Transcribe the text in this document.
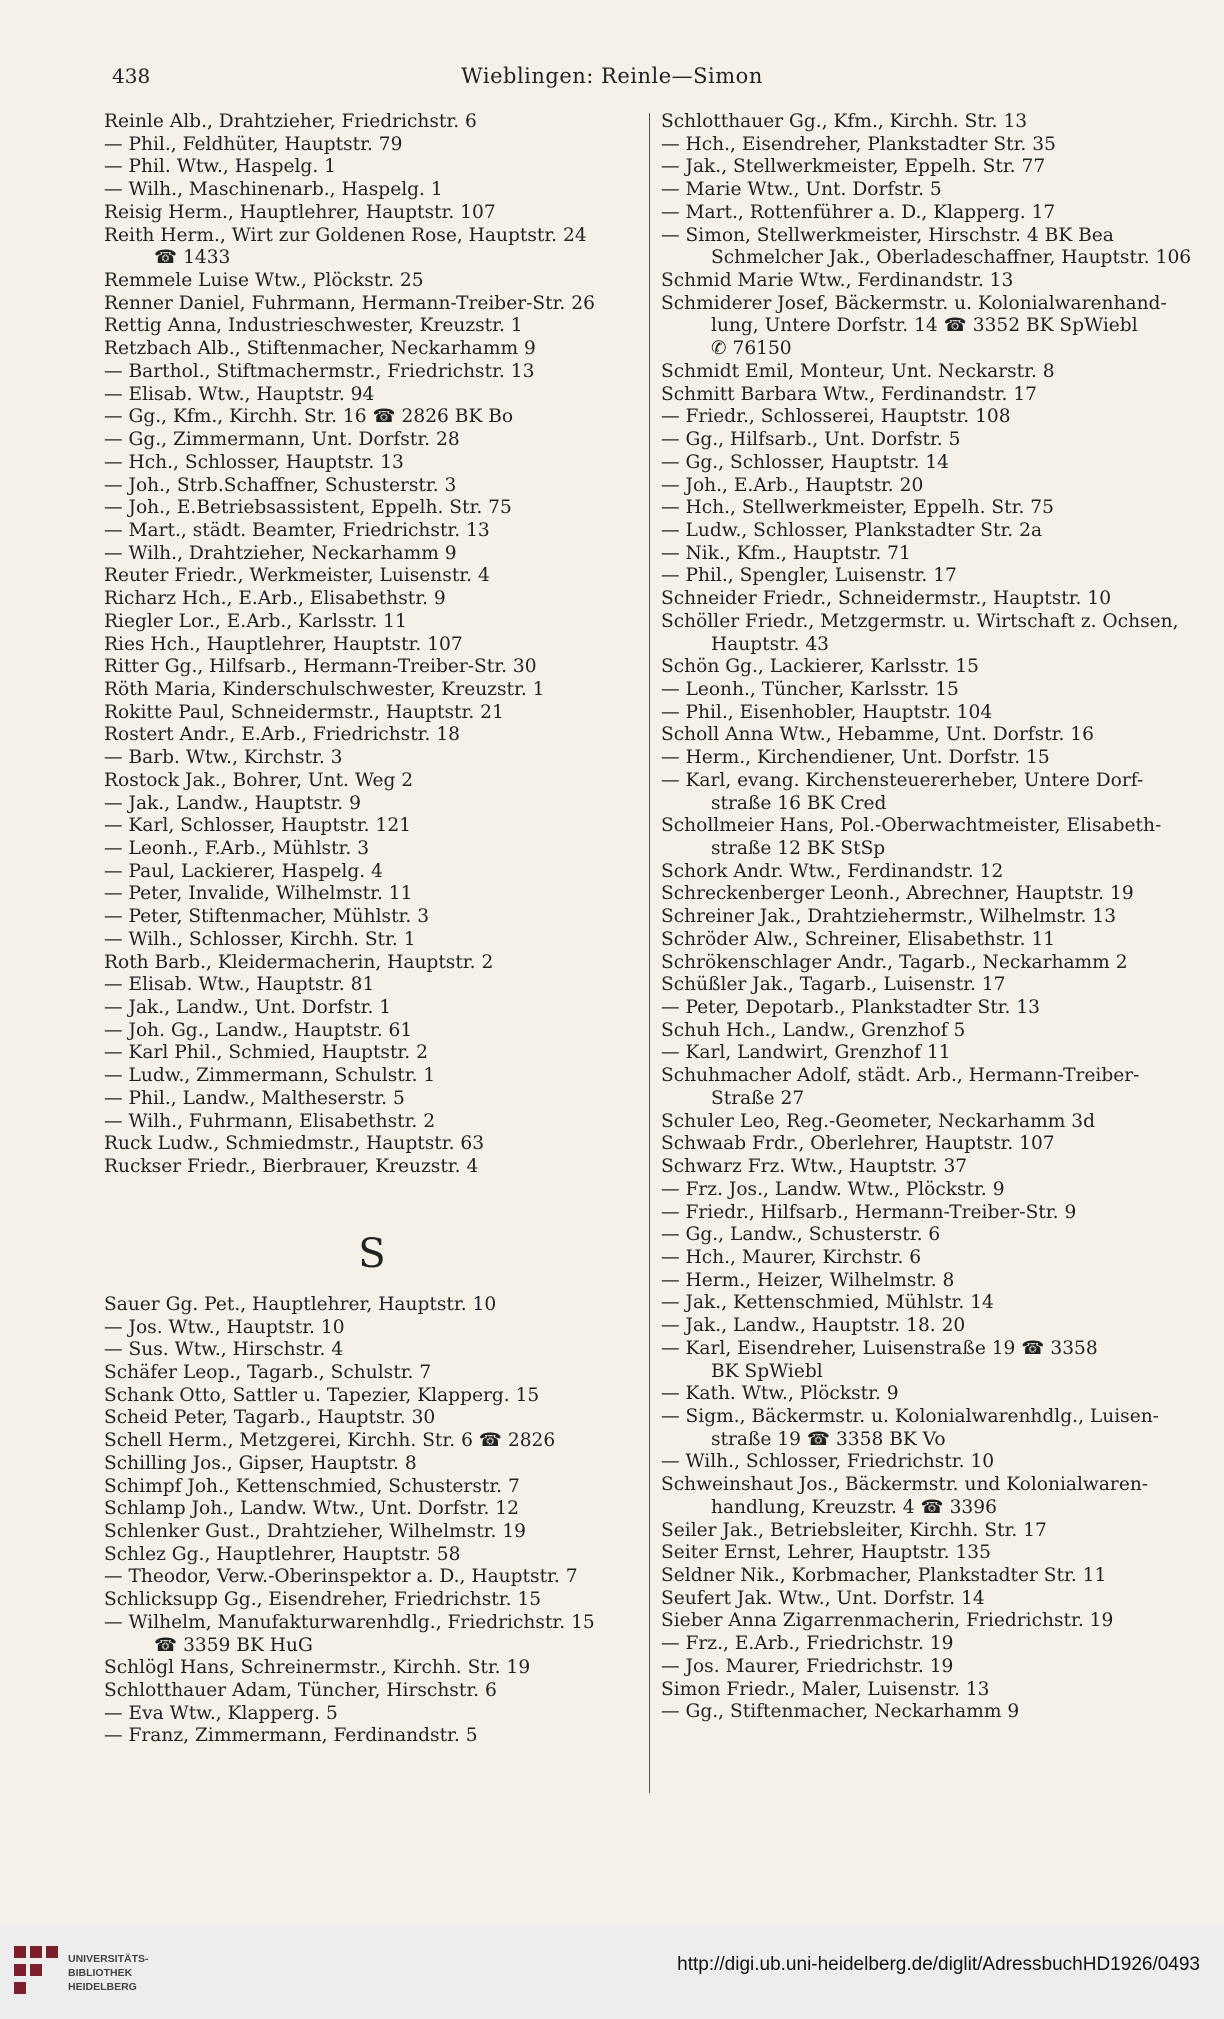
438	Wieblingen: Reinle—Simon
Reinle Alb., Drahtzieher, Friedrichstr. 6
— Phil., Feldhüter, Hauptstr. 79
— Phil. Wtw., Haspelg. 1
— Wilh., Maschinenarb., Haspelg. 1
Reisig Herm., Hauptlehrer, Hauptstr. 107
Reith Herm., Wirt zur Goldenen Rose, Hauptstr. 24
☎ 1433
Remmele Luise Wtw., Plöckstr. 25
Renner Daniel, Fuhrmann, Hermann-Treiber-Str. 26
Rettig Anna, Industrieschwester, Kreuzstr. 1
Retzbach Alb., Stiftenmacher, Neckarhamm 9
— Barthol., Stiftmachermstr., Friedrichstr. 13
— Elisab. Wtw., Hauptstr. 94
— Gg., Kfm., Kirchh. Str. 16 ☎ 2826 BK Bo
— Gg., Zimmermann, Unt. Dorfstr. 28
— Hch., Schlosser, Hauptstr. 13
— Joh., Strb.Schaffner, Schusterstr. 3
— Joh., E.Betriebsassistent, Eppelh. Str. 75
— Mart., städt. Beamter, Friedrichstr. 13
— Wilh., Drahtzieher, Neckarhamm 9
Reuter Friedr., Werkmeister, Luisenstr. 4
Richarz Hch., E.Arb., Elisabethstr. 9
Riegler Lor., E.Arb., Karlsstr. 11
Ries Hch., Hauptlehrer, Hauptstr. 107
Ritter Gg., Hilfsarb., Hermann-Treiber-Str. 30
Röth Maria, Kinderschulschwester, Kreuzstr. 1
Rokitte Paul, Schneidermstr., Hauptstr. 21
Rostert Andr., E.Arb., Friedrichstr. 18
— Barb. Wtw., Kirchstr. 3
Rostock Jak., Bohrer, Unt. Weg 2
— Jak., Landw., Hauptstr. 9
— Karl, Schlosser, Hauptstr. 121
— Leonh., F.Arb., Mühlstr. 3
— Paul, Lackierer, Haspelg. 4
— Peter, Invalide, Wilhelmstr. 11
— Peter, Stiftenmacher, Mühlstr. 3
— Wilh., Schlosser, Kirchh. Str. 1
Roth Barb., Kleidermacherin, Hauptstr. 2
— Elisab. Wtw., Hauptstr. 81
— Jak., Landw., Unt. Dorfstr. 1
— Joh. Gg., Landw., Hauptstr. 61
— Karl Phil., Schmied, Hauptstr. 2
— Ludw., Zimmermann, Schulstr. 1
— Phil., Landw., Maltheserstr. 5
— Wilh., Fuhrmann, Elisabethstr. 2
Ruck Ludw., Schmiedmstr., Hauptstr. 63
Ruckser Friedr., Bierbrauer, Kreuzstr. 4
S
Sauer Gg. Pet., Hauptlehrer, Hauptstr. 10
— Jos. Wtw., Hauptstr. 10
— Sus. Wtw., Hirschstr. 4
Schäfer Leop., Tagarb., Schulstr. 7
Schank Otto, Sattler u. Tapezier, Klapperg. 15
Scheid Peter, Tagarb., Hauptstr. 30
Schell Herm., Metzgerei, Kirchh. Str. 6 ☎ 2826
Schilling Jos., Gipser, Hauptstr. 8
Schimpf Joh., Kettenschmied, Schusterstr. 7
Schlamp Joh., Landw. Wtw., Unt. Dorfstr. 12
Schlenker Gust., Drahtzieher, Wilhelmstr. 19
Schlez Gg., Hauptlehrer, Hauptstr. 58
— Theodor, Verw.-Oberinspektor a. D., Hauptstr. 7
Schlicksupp Gg., Eisendreher, Friedrichstr. 15
— Wilhelm, Manufakturwarenhdlg., Friedrichstr. 15
☎ 3359 BK HuG
Schlögl Hans, Schreinermstr., Kirchh. Str. 19
Schlotthauer Adam, Tüncher, Hirschstr. 6
— Eva Wtw., Klapperg. 5
— Franz, Zimmermann, Ferdinandstr. 5
Schlotthauer Gg., Kfm., Kirchh. Str. 13
— Hch., Eisendreher, Plankstadter Str. 35
— Jak., Stellwerkmeister, Eppelh. Str. 77
— Marie Wtw., Unt. Dorfstr. 5
— Mart., Rottenführer a. D., Klapperg. 17
— Simon, Stellwerkmeister, Hirschstr. 4 BK Bea
Schmelcher Jak., Oberladeschaffner, Hauptstr. 106
Schmid Marie Wtw., Ferdinandstr. 13
Schmiderer Josef, Bäckermstr. u. Kolonialwarenhand-
lung, Untere Dorfstr. 14 ☎ 3352 BK SpWiebl
✆ 76150
Schmidt Emil, Monteur, Unt. Neckarstr. 8
Schmitt Barbara Wtw., Ferdinandstr. 17
— Friedr., Schlosserei, Hauptstr. 108
— Gg., Hilfsarb., Unt. Dorfstr. 5
— Gg., Schlosser, Hauptstr. 14
— Joh., E.Arb., Hauptstr. 20
— Hch., Stellwerkmeister, Eppelh. Str. 75
— Ludw., Schlosser, Plankstadter Str. 2a
— Nik., Kfm., Hauptstr. 71
— Phil., Spengler, Luisenstr. 17
Schneider Friedr., Schneidermstr., Hauptstr. 10
Schöller Friedr., Metzgermstr. u. Wirtschaft z. Ochsen,
Hauptstr. 43
Schön Gg., Lackierer, Karlsstr. 15
— Leonh., Tüncher, Karlsstr. 15
— Phil., Eisenhobler, Hauptstr. 104
Scholl Anna Wtw., Hebamme, Unt. Dorfstr. 16
— Herm., Kirchendiener, Unt. Dorfstr. 15
— Karl, evang. Kirchensteuererheber, Untere Dorf-
straße 16 BK Cred
Schollmeier Hans, Pol.-Oberwachtmeister, Elisabeth-
straße 12 BK StSp
Schork Andr. Wtw., Ferdinandstr. 12
Schreckenberger Leonh., Abrechner, Hauptstr. 19
Schreiner Jak., Drahtziehermstr., Wilhelmstr. 13
Schröder Alw., Schreiner, Elisabethstr. 11
Schrökenschlager Andr., Tagarb., Neckarhamm 2
Schüßler Jak., Tagarb., Luisenstr. 17
— Peter, Depotarb., Plankstadter Str. 13
Schuh Hch., Landw., Grenzhof 5
— Karl, Landwirt, Grenzhof 11
Schuhmacher Adolf, städt. Arb., Hermann-Treiber-
Straße 27
Schuler Leo, Reg.-Geometer, Neckarhamm 3d
Schwaab Frdr., Oberlehrer, Hauptstr. 107
Schwarz Frz. Wtw., Hauptstr. 37
— Frz. Jos., Landw. Wtw., Plöckstr. 9
— Friedr., Hilfsarb., Hermann-Treiber-Str. 9
— Gg., Landw., Schusterstr. 6
— Hch., Maurer, Kirchstr. 6
— Herm., Heizer, Wilhelmstr. 8
— Jak., Kettenschmied, Mühlstr. 14
— Jak., Landw., Hauptstr. 18. 20
— Karl, Eisendreher, Luisenstraße 19 ☎ 3358
BK SpWiebl
— Kath. Wtw., Plöckstr. 9
— Sigm., Bäckermstr. u. Kolonialwarenhdlg., Luisen-
straße 19 ☎ 3358 BK Vo
— Wilh., Schlosser, Friedrichstr. 10
Schweinshaut Jos., Bäckermstr. und Kolonialwaren-
handlung, Kreuzstr. 4 ☎ 3396
Seiler Jak., Betriebsleiter, Kirchh. Str. 17
Seiter Ernst, Lehrer, Hauptstr. 135
Seldner Nik., Korbmacher, Plankstadter Str. 11
Seufert Jak. Wtw., Unt. Dorfstr. 14
Sieber Anna Zigarrenmacherin, Friedrichstr. 19
— Frz., E.Arb., Friedrichstr. 19
— Jos. Maurer, Friedrichstr. 19
Simon Friedr., Maler, Luisenstr. 13
— Gg., Stiftenmacher, Neckarhamm 9
UNIVERSITÄTS-
BIBLIOTHEK
HEIDELBERG
http://digi.ub.uni-heidelberg.de/diglit/AdressbuchHD1926/0493
